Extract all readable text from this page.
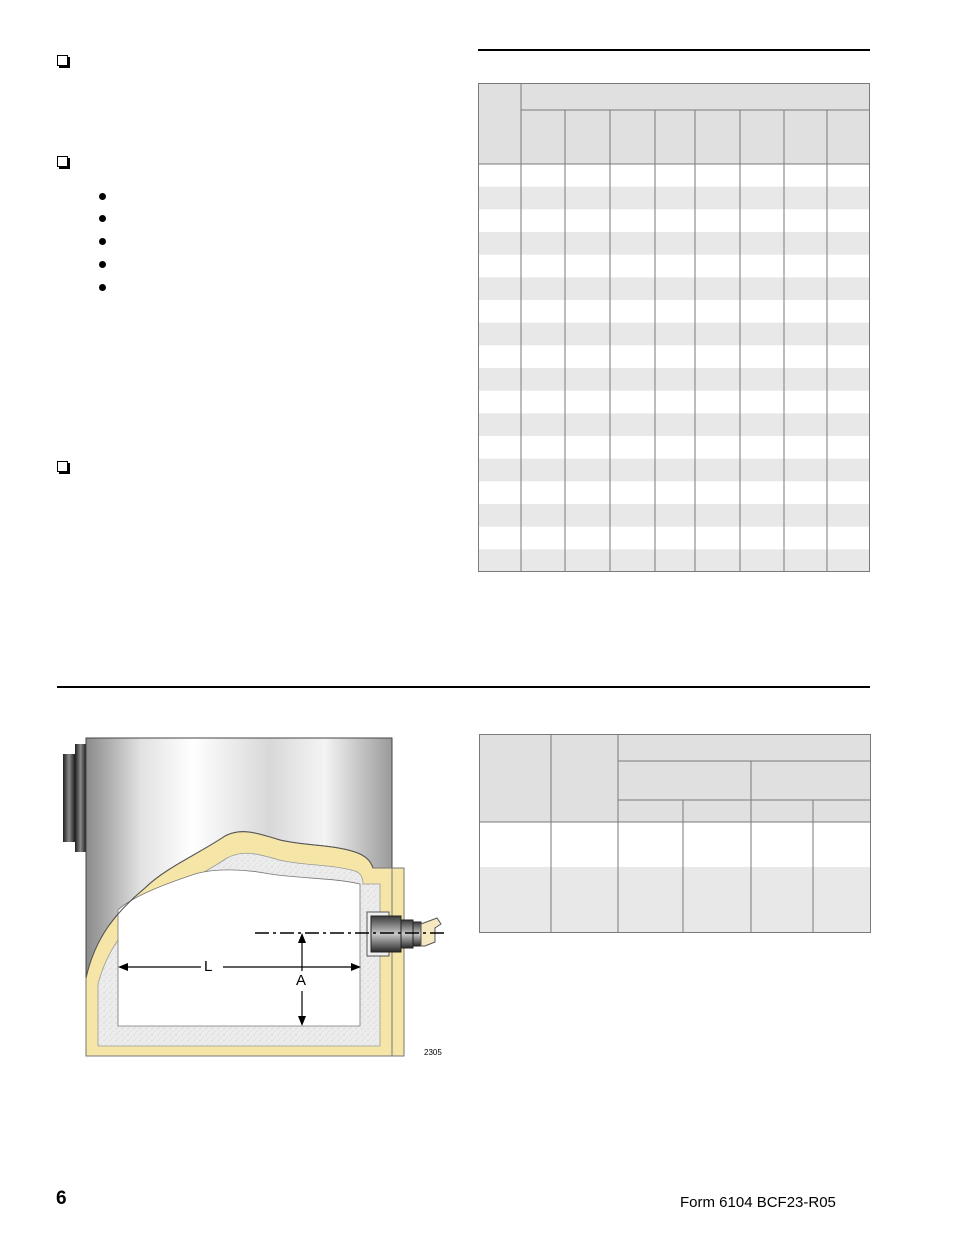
L
A
2305
6	Form 6104 BCF23-R05
